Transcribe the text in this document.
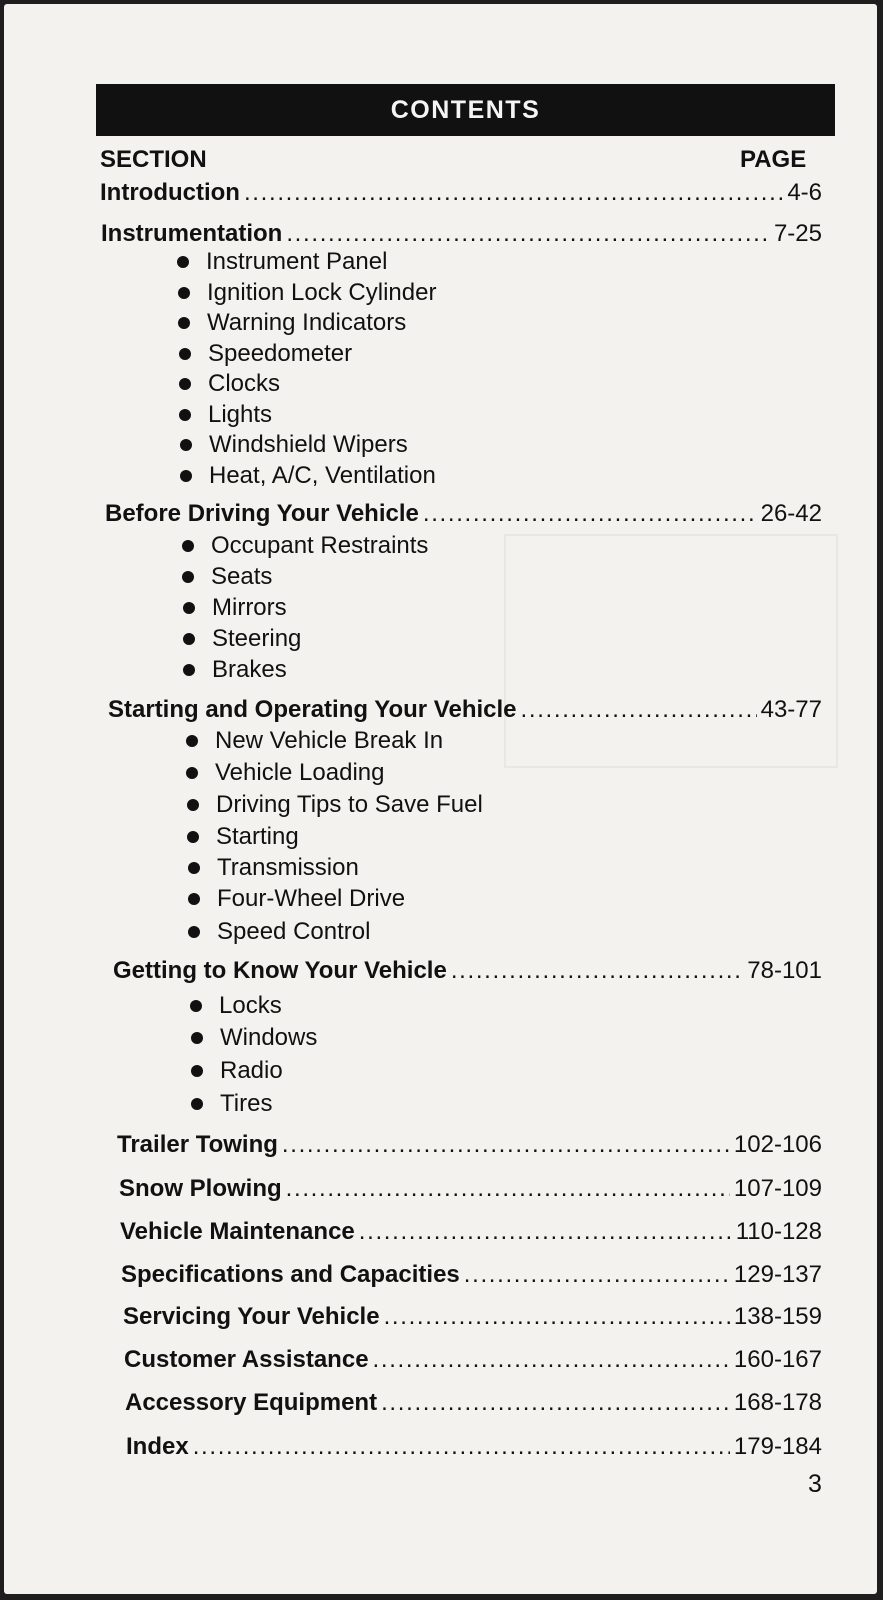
CONTENTS
SECTION	PAGE
Introduction . . .	4-6
Instrumentation . . .	7-25
Instrument Panel
Ignition Lock Cylinder
Warning Indicators
Speedometer
Clocks
Lights
Windshield Wipers
Heat, A/C, Ventilation
Before Driving Your Vehicle . . .	26-42
Occupant Restraints
Seats
Mirrors
Steering
Brakes
Starting and Operating Your Vehicle . . .	43-77
New Vehicle Break In
Vehicle Loading
Driving Tips to Save Fuel
Starting
Transmission
Four-Wheel Drive
Speed Control
Getting to Know Your Vehicle . . .	78-101
Locks
Windows
Radio
Tires
Trailer Towing . . .	102-106
Snow Plowing . . .	107-109
Vehicle Maintenance . . .	110-128
Specifications and Capacities . . .	129-137
Servicing Your Vehicle . . .	138-159
Customer Assistance . . .	160-167
Accessory Equipment . . .	168-178
Index . . .	179-184
3
